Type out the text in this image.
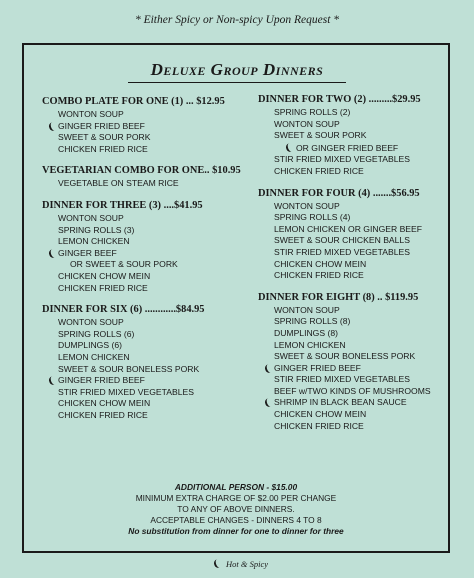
* Either Spicy or Non-spicy Upon Request *
Deluxe Group Dinners
COMBO PLATE FOR ONE (1) ... $12.95
WONTON SOUP
GINGER FRIED BEEF
SWEET & SOUR PORK
CHICKEN FRIED RICE
VEGETARIAN COMBO FOR ONE.. $10.95
VEGETABLE ON STEAM RICE
DINNER FOR THREE (3) ....$41.95
WONTON SOUP
SPRING ROLLS (3)
LEMON CHICKEN
GINGER BEEF
OR SWEET & SOUR PORK
CHICKEN CHOW MEIN
CHICKEN FRIED RICE
DINNER FOR SIX (6) ............$84.95
WONTON SOUP
SPRING ROLLS (6)
DUMPLINGS (6)
LEMON CHICKEN
SWEET & SOUR BONELESS PORK
GINGER FRIED BEEF
STIR FRIED MIXED VEGETABLES
CHICKEN CHOW MEIN
CHICKEN FRIED RICE
DINNER FOR TWO (2) .........$29.95
SPRING ROLLS (2)
WONTON SOUP
SWEET & SOUR PORK
OR GINGER FRIED BEEF
STIR FRIED MIXED VEGETABLES
CHICKEN FRIED RICE
DINNER FOR FOUR (4) .......$56.95
WONTON SOUP
SPRING ROLLS (4)
LEMON CHICKEN OR GINGER BEEF
SWEET & SOUR CHICKEN BALLS
STIR FRIED MIXED VEGETABLES
CHICKEN CHOW MEIN
CHICKEN FRIED RICE
DINNER FOR EIGHT (8) .. $119.95
WONTON SOUP
SPRING ROLLS (8)
DUMPLINGS (8)
LEMON CHICKEN
SWEET & SOUR BONELESS PORK
GINGER FRIED BEEF
STIR FRIED MIXED VEGETABLES
BEEF w/TWO KINDS OF MUSHROOMS
SHRIMP IN BLACK BEAN SAUCE
CHICKEN CHOW MEIN
CHICKEN FRIED RICE
ADDITIONAL PERSON - $15.00
MINIMUM EXTRA CHARGE OF $2.00 PER CHANGE
TO ANY OF ABOVE DINNERS.
ACCEPTABLE CHANGES - DINNERS 4 TO 8
No substitution from dinner for one to dinner for three
Hot & Spicy
